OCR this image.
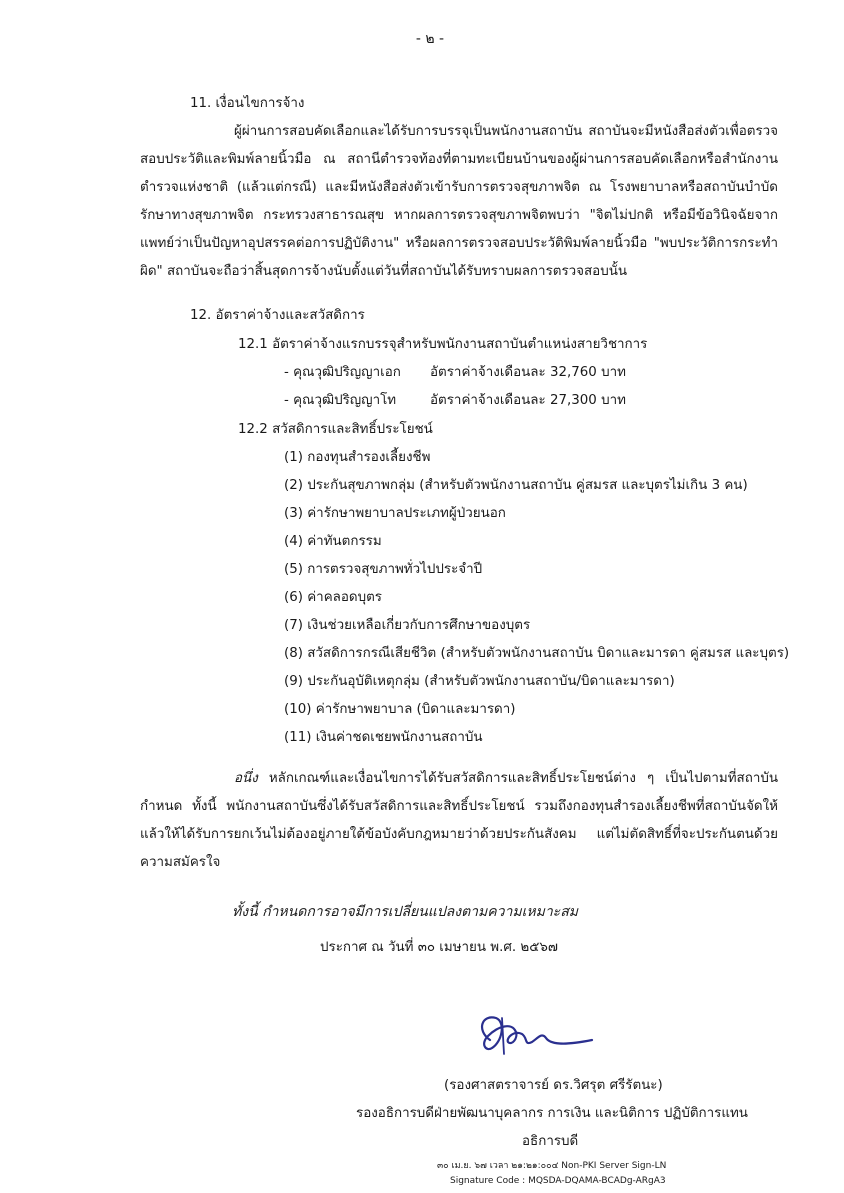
- ๒ -
11. เงื่อนไขการจ้าง
ผู้ผ่านการสอบคัดเลือกและได้รับการบรรจุเป็นพนักงานสถาบัน สถาบันจะมีหนังสือส่งตัวเพื่อตรวจสอบประวัติและพิมพ์ลายนิ้วมือ ณ สถานีตำรวจท้องที่ตามทะเบียนบ้านของผู้ผ่านการสอบคัดเลือกหรือสำนักงานตำรวจแห่งชาติ (แล้วแต่กรณี) และมีหนังสือส่งตัวเข้ารับการตรวจสุขภาพจิต ณ โรงพยาบาลหรือสถาบันบำบัดรักษาทางสุขภาพจิต กระทรวงสาธารณสุข หากผลการตรวจสุขภาพจิตพบว่า "จิตไม่ปกติ หรือมีข้อวินิจฉัยจากแพทย์ว่าเป็นปัญหาอุปสรรคต่อการปฏิบัติงาน" หรือผลการตรวจสอบประวัติพิมพ์ลายนิ้วมือ "พบประวัติการกระทำผิด" สถาบันจะถือว่าสิ้นสุดการจ้างนับตั้งแต่วันที่สถาบันได้รับทราบผลการตรวจสอบนั้น
12. อัตราค่าจ้างและสวัสดิการ
12.1 อัตราค่าจ้างแรกบรรจุสำหรับพนักงานสถาบันตำแหน่งสายวิชาการ
- คุณวุฒิปริญญาเอก อัตราค่าจ้างเดือนละ 32,760 บาท
- คุณวุฒิปริญญาโท	อัตราค่าจ้างเดือนละ 27,300 บาท
12.2 สวัสดิการและสิทธิ์ประโยชน์
(1) กองทุนสำรองเลี้ยงชีพ
(2) ประกันสุขภาพกลุ่ม (สำหรับตัวพนักงานสถาบัน คู่สมรส และบุตรไม่เกิน 3 คน)
(3) ค่ารักษาพยาบาลประเภทผู้ป่วยนอก
(4) ค่าทันตกรรม
(5) การตรวจสุขภาพทั่วไปประจำปี
(6) ค่าคลอดบุตร
(7) เงินช่วยเหลือเกี่ยวกับการศึกษาของบุตร
(8) สวัสดิการกรณีเสียชีวิต (สำหรับตัวพนักงานสถาบัน บิดาและมารดา คู่สมรส และบุตร)
(9) ประกันอุบัติเหตุกลุ่ม (สำหรับตัวพนักงานสถาบัน/บิดาและมารดา)
(10) ค่ารักษาพยาบาล (บิดาและมารดา)
(11) เงินค่าชดเชยพนักงานสถาบัน
อนึ่ง หลักเกณฑ์และเงื่อนไขการได้รับสวัสดิการและสิทธิ์ประโยชน์ต่าง ๆ เป็นไปตามที่สถาบันกำหนด ทั้งนี้ พนักงานสถาบันซึ่งได้รับสวัสดิการและสิทธิ์ประโยชน์ รวมถึงกองทุนสำรองเลี้ยงชีพที่สถาบันจัดให้แล้วให้ได้รับการยกเว้นไม่ต้องอยู่ภายใต้ข้อบังคับกฎหมายว่าด้วยประกันสังคม แต่ไม่ตัดสิทธิ์ที่จะประกันตนด้วยความสมัครใจ
ทั้งนี้ กำหนดการอาจมีการเปลี่ยนแปลงตามความเหมาะสม
ประกาศ ณ วันที่ ๓๐ เมษายน พ.ศ. ๒๕๖๗
(รองศาสตราจารย์ ดร.วิศรุต ศรีรัตนะ)
รองอธิการบดีฝ่ายพัฒนาบุคลากร การเงิน และนิติการ ปฏิบัติการแทน
อธิการบดี
๓๐ เม.ย. ๖๗ เวลา ๒๑:๒๑:๐๐๔ Non-PKI Server Sign-LN
Signature Code : MQSDA-DQAMA-BCADg-ARgA3
